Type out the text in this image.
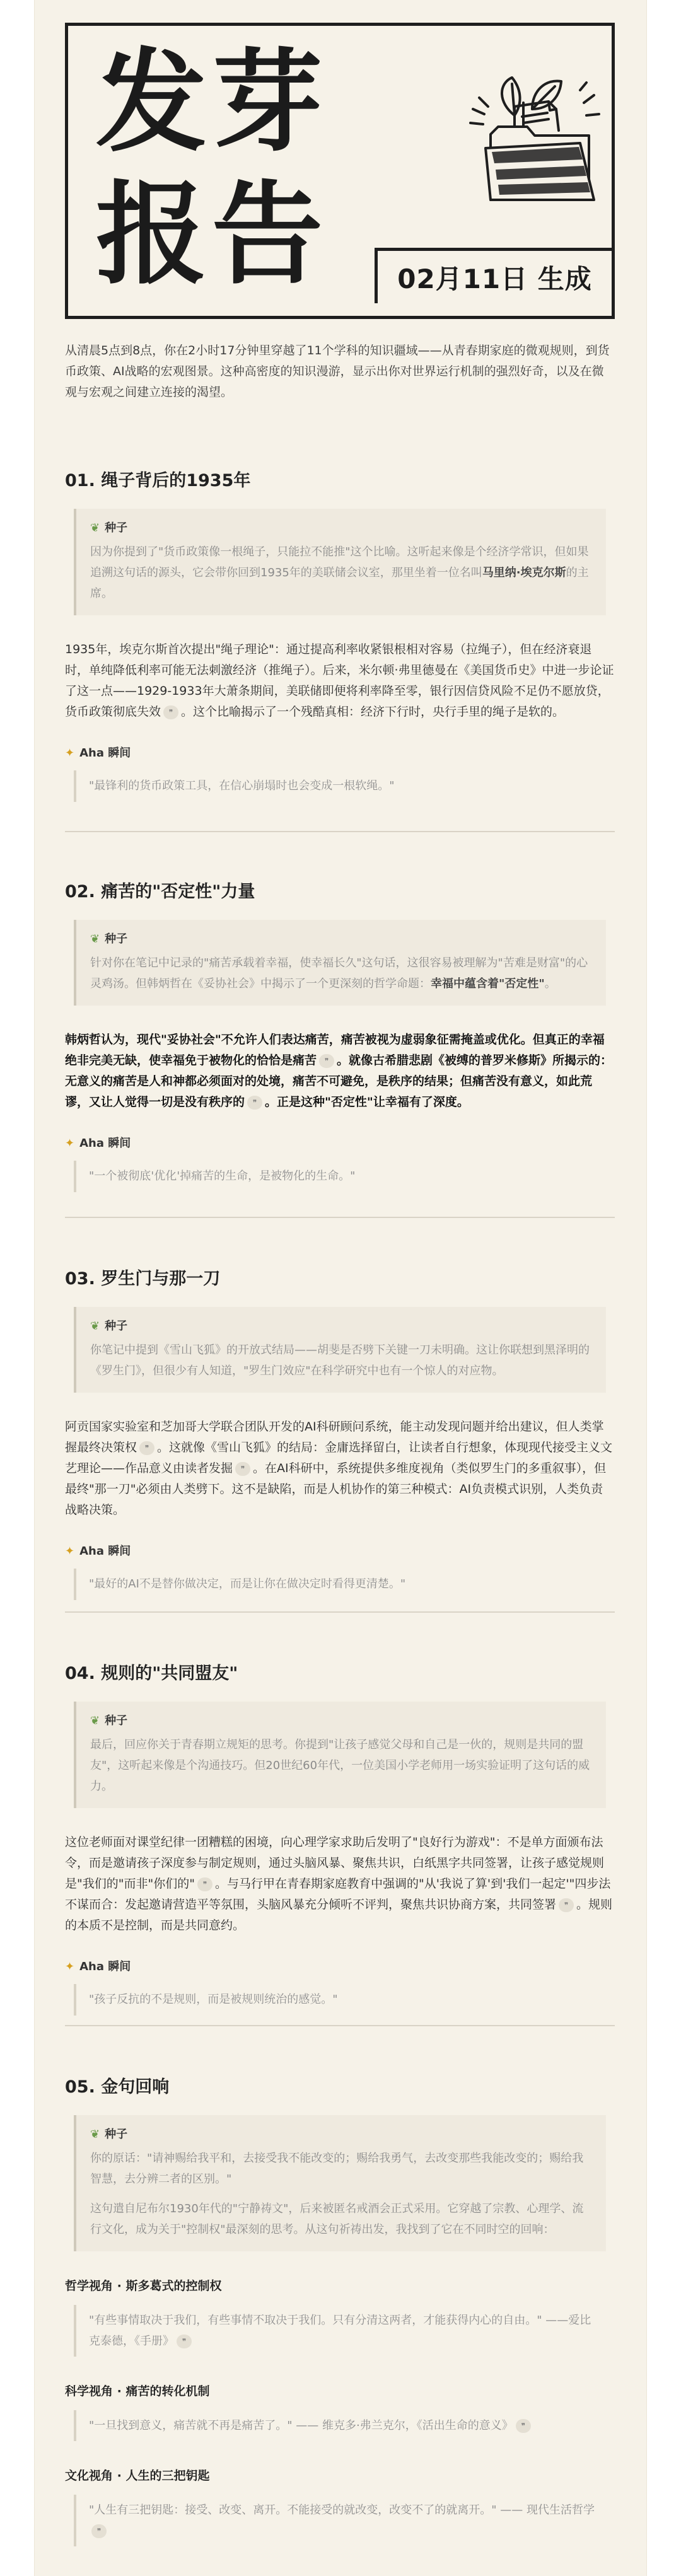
发芽
报告	02月11日 生成
从清晨5点到8点，你在2小时17分钟里穿越了11个学科的知识疆域——从青春期家庭的微观规则，到货币政策、AI战略的宏观图景。这种高密度的知识漫游，显示出你对世界运行机制的强烈好奇，以及在微观与宏观之间建立连接的渴望。
01. 绳子背后的1935年
❦ 种子
因为你提到了"货币政策像一根绳子，只能拉不能推"这个比喻。这听起来像是个经济学常识，但如果追溯这句话的源头，它会带你回到1935年的美联储会议室，那里坐着一位名叫马里纳·埃克尔斯的主席。
1935年，埃克尔斯首次提出"绳子理论"：通过提高利率收紧银根相对容易（拉绳子），但在经济衰退时，单纯降低利率可能无法刺激经济（推绳子）。后来，米尔顿·弗里德曼在《美国货币史》中进一步论证了这一点——1929-1933年大萧条期间，美联储即便将利率降至零，银行因信贷风险不足仍不愿放贷，货币政策彻底失效 ❞ 。这个比喻揭示了一个残酷真相：经济下行时，央行手里的绳子是软的。
✦ Aha 瞬间
"最锋利的货币政策工具，在信心崩塌时也会变成一根软绳。"
02. 痛苦的"否定性"力量
❦ 种子
针对你在笔记中记录的"痛苦承载着幸福，使幸福长久"这句话，这很容易被理解为"苦难是财富"的心灵鸡汤。但韩炳哲在《妥协社会》中揭示了一个更深刻的哲学命题：幸福中蕴含着"否定性"。
韩炳哲认为，现代"妥协社会"不允许人们表达痛苦，痛苦被视为虚弱象征需掩盖或优化。但真正的幸福绝非完美无缺，使幸福免于被物化的恰恰是痛苦 ❞ 。就像古希腊悲剧《被缚的普罗米修斯》所揭示的：无意义的痛苦是人和神都必须面对的处境，痛苦不可避免，是秩序的结果；但痛苦没有意义，如此荒谬，又让人觉得一切是没有秩序的 ❞ 。正是这种"否定性"让幸福有了深度。
✦ Aha 瞬间
"一个被彻底'优化'掉痛苦的生命，是被物化的生命。"
03. 罗生门与那一刀
❦ 种子
你笔记中提到《雪山飞狐》的开放式结局——胡斐是否劈下关键一刀未明确。这让你联想到黑泽明的《罗生门》，但很少有人知道，"罗生门效应"在科学研究中也有一个惊人的对应物。
阿贡国家实验室和芝加哥大学联合团队开发的AI科研顾问系统，能主动发现问题并给出建议，但人类掌握最终决策权 ❞ 。这就像《雪山飞狐》的结局：金庸选择留白，让读者自行想象，体现现代接受主义文艺理论——作品意义由读者发掘 ❞ 。在AI科研中，系统提供多维度视角（类似罗生门的多重叙事），但最终"那一刀"必须由人类劈下。这不是缺陷，而是人机协作的第三种模式：AI负责模式识别，人类负责战略决策。
✦ Aha 瞬间
"最好的AI不是替你做决定，而是让你在做决定时看得更清楚。"
04. 规则的"共同盟友"
❦ 种子
最后，回应你关于青春期立规矩的思考。你提到"让孩子感觉父母和自己是一伙的，规则是共同的盟友"，这听起来像是个沟通技巧。但20世纪60年代，一位美国小学老师用一场实验证明了这句话的威力。
这位老师面对课堂纪律一团糟糕的困境，向心理学家求助后发明了"良好行为游戏"：不是单方面颁布法令，而是邀请孩子深度参与制定规则，通过头脑风暴、聚焦共识，白纸黑字共同签署，让孩子感觉规则是"我们的"而非"你们的" ❞ 。与马行甲在青春期家庭教育中强调的"从'我说了算'到'我们一起定'"四步法不谋而合：发起邀请营造平等氛围，头脑风暴充分倾听不评判，聚焦共识协商方案，共同签署 ❞ 。规则的本质不是控制，而是共同意约。
✦ Aha 瞬间
"孩子反抗的不是规则，而是被规则统治的感觉。"
05. 金句回响
❦ 种子
你的原话："请神赐给我平和，去接受我不能改变的；赐给我勇气，去改变那些我能改变的；赐给我智慧，去分辨二者的区别。"
这句遣自尼布尔1930年代的"宁静祷文"，后来被匿名戒酒会正式采用。它穿越了宗教、心理学、流行文化，成为关于"控制权"最深刻的思考。从这句祈祷出发，我找到了它在不同时空的回响：
哲学视角 · 斯多葛式的控制权
"有些事情取决于我们，有些事情不取决于我们。只有分清这两者，才能获得内心的自由。" ——爱比克泰德，《手册》 ❞
科学视角 · 痛苦的转化机制
"一旦找到意义，痛苦就不再是痛苦了。" —— 维克多·弗兰克尔，《活出生命的意义》 ❞
文化视角 · 人生的三把钥匙
"人生有三把钥匙：接受、改变、离开。不能接受的就改变，改变不了的就离开。" —— 现代生活哲学❞
